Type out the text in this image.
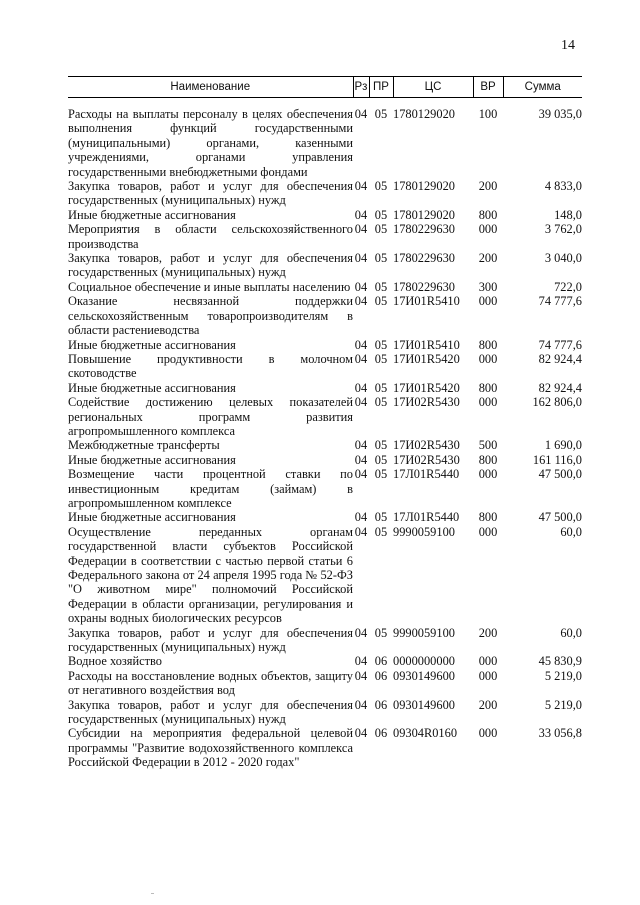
14
Наименование	Рз	ПР	ЦС	ВР	Сумма
Расходы на выплаты персоналу в целях обеспечения выполнения функций государственными (муниципальными) органами, казенными учреждениями, органами управления государственными внебюджетными фондами	04	05	1780129020	100	39 035,0
Закупка товаров, работ и услуг для обеспечения государственных (муниципальных) нужд	04	05	1780129020	200	4 833,0
Иные бюджетные ассигнования	04	05	1780129020	800	148,0
Мероприятия в области сельскохозяйственного производства	04	05	1780229630	000	3 762,0
Закупка товаров, работ и услуг для обеспечения государственных (муниципальных) нужд	04	05	1780229630	200	3 040,0
Социальное обеспечение и иные выплаты населению	04	05	1780229630	300	722,0
Оказание несвязанной поддержки сельскохозяйственным товаропроизводителям в области растениеводства	04	05	17И01R5410	000	74 777,6
Иные бюджетные ассигнования	04	05	17И01R5410	800	74 777,6
Повышение продуктивности в молочном скотоводстве	04	05	17И01R5420	000	82 924,4
Иные бюджетные ассигнования	04	05	17И01R5420	800	82 924,4
Содействие достижению целевых показателей региональных программ развития агропромышленного комплекса	04	05	17И02R5430	000	162 806,0
Межбюджетные трансферты	04	05	17И02R5430	500	1 690,0
Иные бюджетные ассигнования	04	05	17И02R5430	800	161 116,0
Возмещение части процентной ставки по инвестиционным кредитам (займам) в агропромышленном комплексе	04	05	17Л01R5440	000	47 500,0
Иные бюджетные ассигнования	04	05	17Л01R5440	800	47 500,0
Осуществление переданных органам государственной власти субъектов Российской Федерации в соответствии с частью первой статьи 6 Федерального закона от 24 апреля 1995 года № 52-ФЗ "О животном мире" полномочий Российской Федерации в области организации, регулирования и охраны водных биологических ресурсов	04	05	9990059100	000	60,0
Закупка товаров, работ и услуг для обеспечения государственных (муниципальных) нужд	04	05	9990059100	200	60,0
Водное хозяйство	04	06	0000000000	000	45 830,9
Расходы на восстановление водных объектов, защиту от негативного воздействия вод	04	06	0930149600	000	5 219,0
Закупка товаров, работ и услуг для обеспечения государственных (муниципальных) нужд	04	06	0930149600	200	5 219,0
Субсидии на мероприятия федеральной целевой программы "Развитие водохозяйственного комплекса Российской Федерации в 2012 - 2020 годах"	04	06	09304R0160	000	33 056,8
